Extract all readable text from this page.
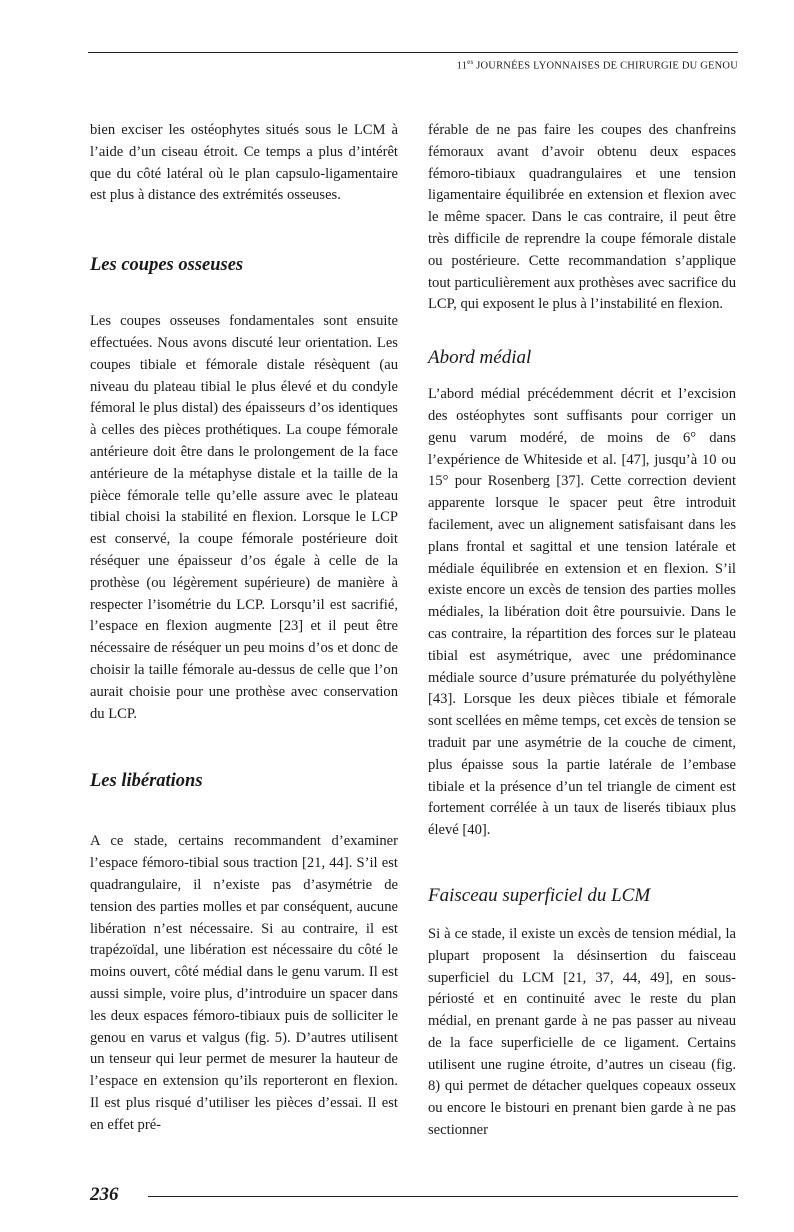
$11^{es}$ JOURNÉES LYONNAISES DE CHIRURGIE DU GENOU

bien exciser les ostéophytes situés sous le LCM à l’aide d’un ciseau étroit. Ce temps a plus d’intérêt que du côté latéral où le plan capsulo-ligamentaire est plus à distance des extrémités osseuses.

Les coupes osseuses

Les coupes osseuses fondamentales sont ensuite effectuées. Nous avons discuté leur orientation. Les coupes tibiale et fémorale distale résèquent (au niveau du plateau tibial le plus élevé et du condyle fémoral le plus distal) des épaisseurs d’os identiques à celles des pièces prothétiques. La coupe fémorale antérieure doit être dans le prolongement de la face antérieure de la métaphyse distale et la taille de la pièce fémorale telle qu’elle assure avec le plateau tibial choisi la stabilité en flexion. Lorsque le LCP est conservé, la coupe fémorale postérieure doit réséquer une épaisseur d’os égale à celle de la prothèse (ou légèrement supérieure) de manière à respecter l’isométrie du LCP. Lorsqu’il est sacrifié, l’espace en flexion augmente [23] et il peut être nécessaire de réséquer un peu moins d’os et donc de choisir la taille fémorale au-dessus de celle que l’on aurait choisie pour une prothèse avec conservation du LCP.

Les libérations

A ce stade, certains recommandent d’examiner l’espace fémoro-tibial sous traction [21, 44]. S’il est quadrangulaire, il n’existe pas d’asymétrie de tension des parties molles et par conséquent, aucune libération n’est nécessaire. Si au contraire, il est trapézoïdal, une libération est nécessaire du côté le moins ouvert, côté médial dans le genu varum. Il est aussi simple, voire plus, d’introduire un spacer dans les deux espaces fémoro-tibiaux puis de solliciter le genou en varus et valgus (fig. 5). D’autres utilisent un tenseur qui leur permet de mesurer la hauteur de l’espace en extension qu’ils reporteront en flexion. Il est plus risqué d’utiliser les pièces d’essai. Il est en effet pré-

férable de ne pas faire les coupes des chanfreins fémoraux avant d’avoir obtenu deux espaces fémoro-tibiaux quadrangulaires et une tension ligamentaire équilibrée en extension et flexion avec le même spacer. Dans le cas contraire, il peut être très difficile de reprendre la coupe fémorale distale ou postérieure. Cette recommandation s’applique tout particulièrement aux prothèses avec sacrifice du LCP, qui exposent le plus à l’instabilité en flexion.

Abord médial

L’abord médial précédemment décrit et l’excision des ostéophytes sont suffisants pour corriger un genu varum modéré, de moins de 6° dans l’expérience de Whiteside et al. [47], jusqu’à 10 ou 15° pour Rosenberg [37]. Cette correction devient apparente lorsque le spacer peut être introduit facilement, avec un alignement satisfaisant dans les plans frontal et sagittal et une tension latérale et médiale équilibrée en extension et en flexion. S’il existe encore un excès de tension des parties molles médiales, la libération doit être poursuivie. Dans le cas contraire, la répartition des forces sur le plateau tibial est asymétrique, avec une prédominance médiale source d’usure prématurée du polyéthylène [43]. Lorsque les deux pièces tibiale et fémorale sont scellées en même temps, cet excès de tension se traduit par une asymétrie de la couche de ciment, plus épaisse sous la partie latérale de l’embase tibiale et la présence d’un tel triangle de ciment est fortement corrélée à un taux de liserés tibiaux plus élevé [40].

Faisceau superficiel du LCM

Si à ce stade, il existe un excès de tension médial, la plupart proposent la désinsertion du faisceau superficiel du LCM [21, 37, 44, 49], en sous-périosté et en continuité avec le reste du plan médial, en prenant garde à ne pas passer au niveau de la face superficielle de ce ligament. Certains utilisent une rugine étroite, d’autres un ciseau (fig. 8) qui permet de détacher quelques copeaux osseux ou encore le bistouri en prenant bien garde à ne pas sectionner

236
